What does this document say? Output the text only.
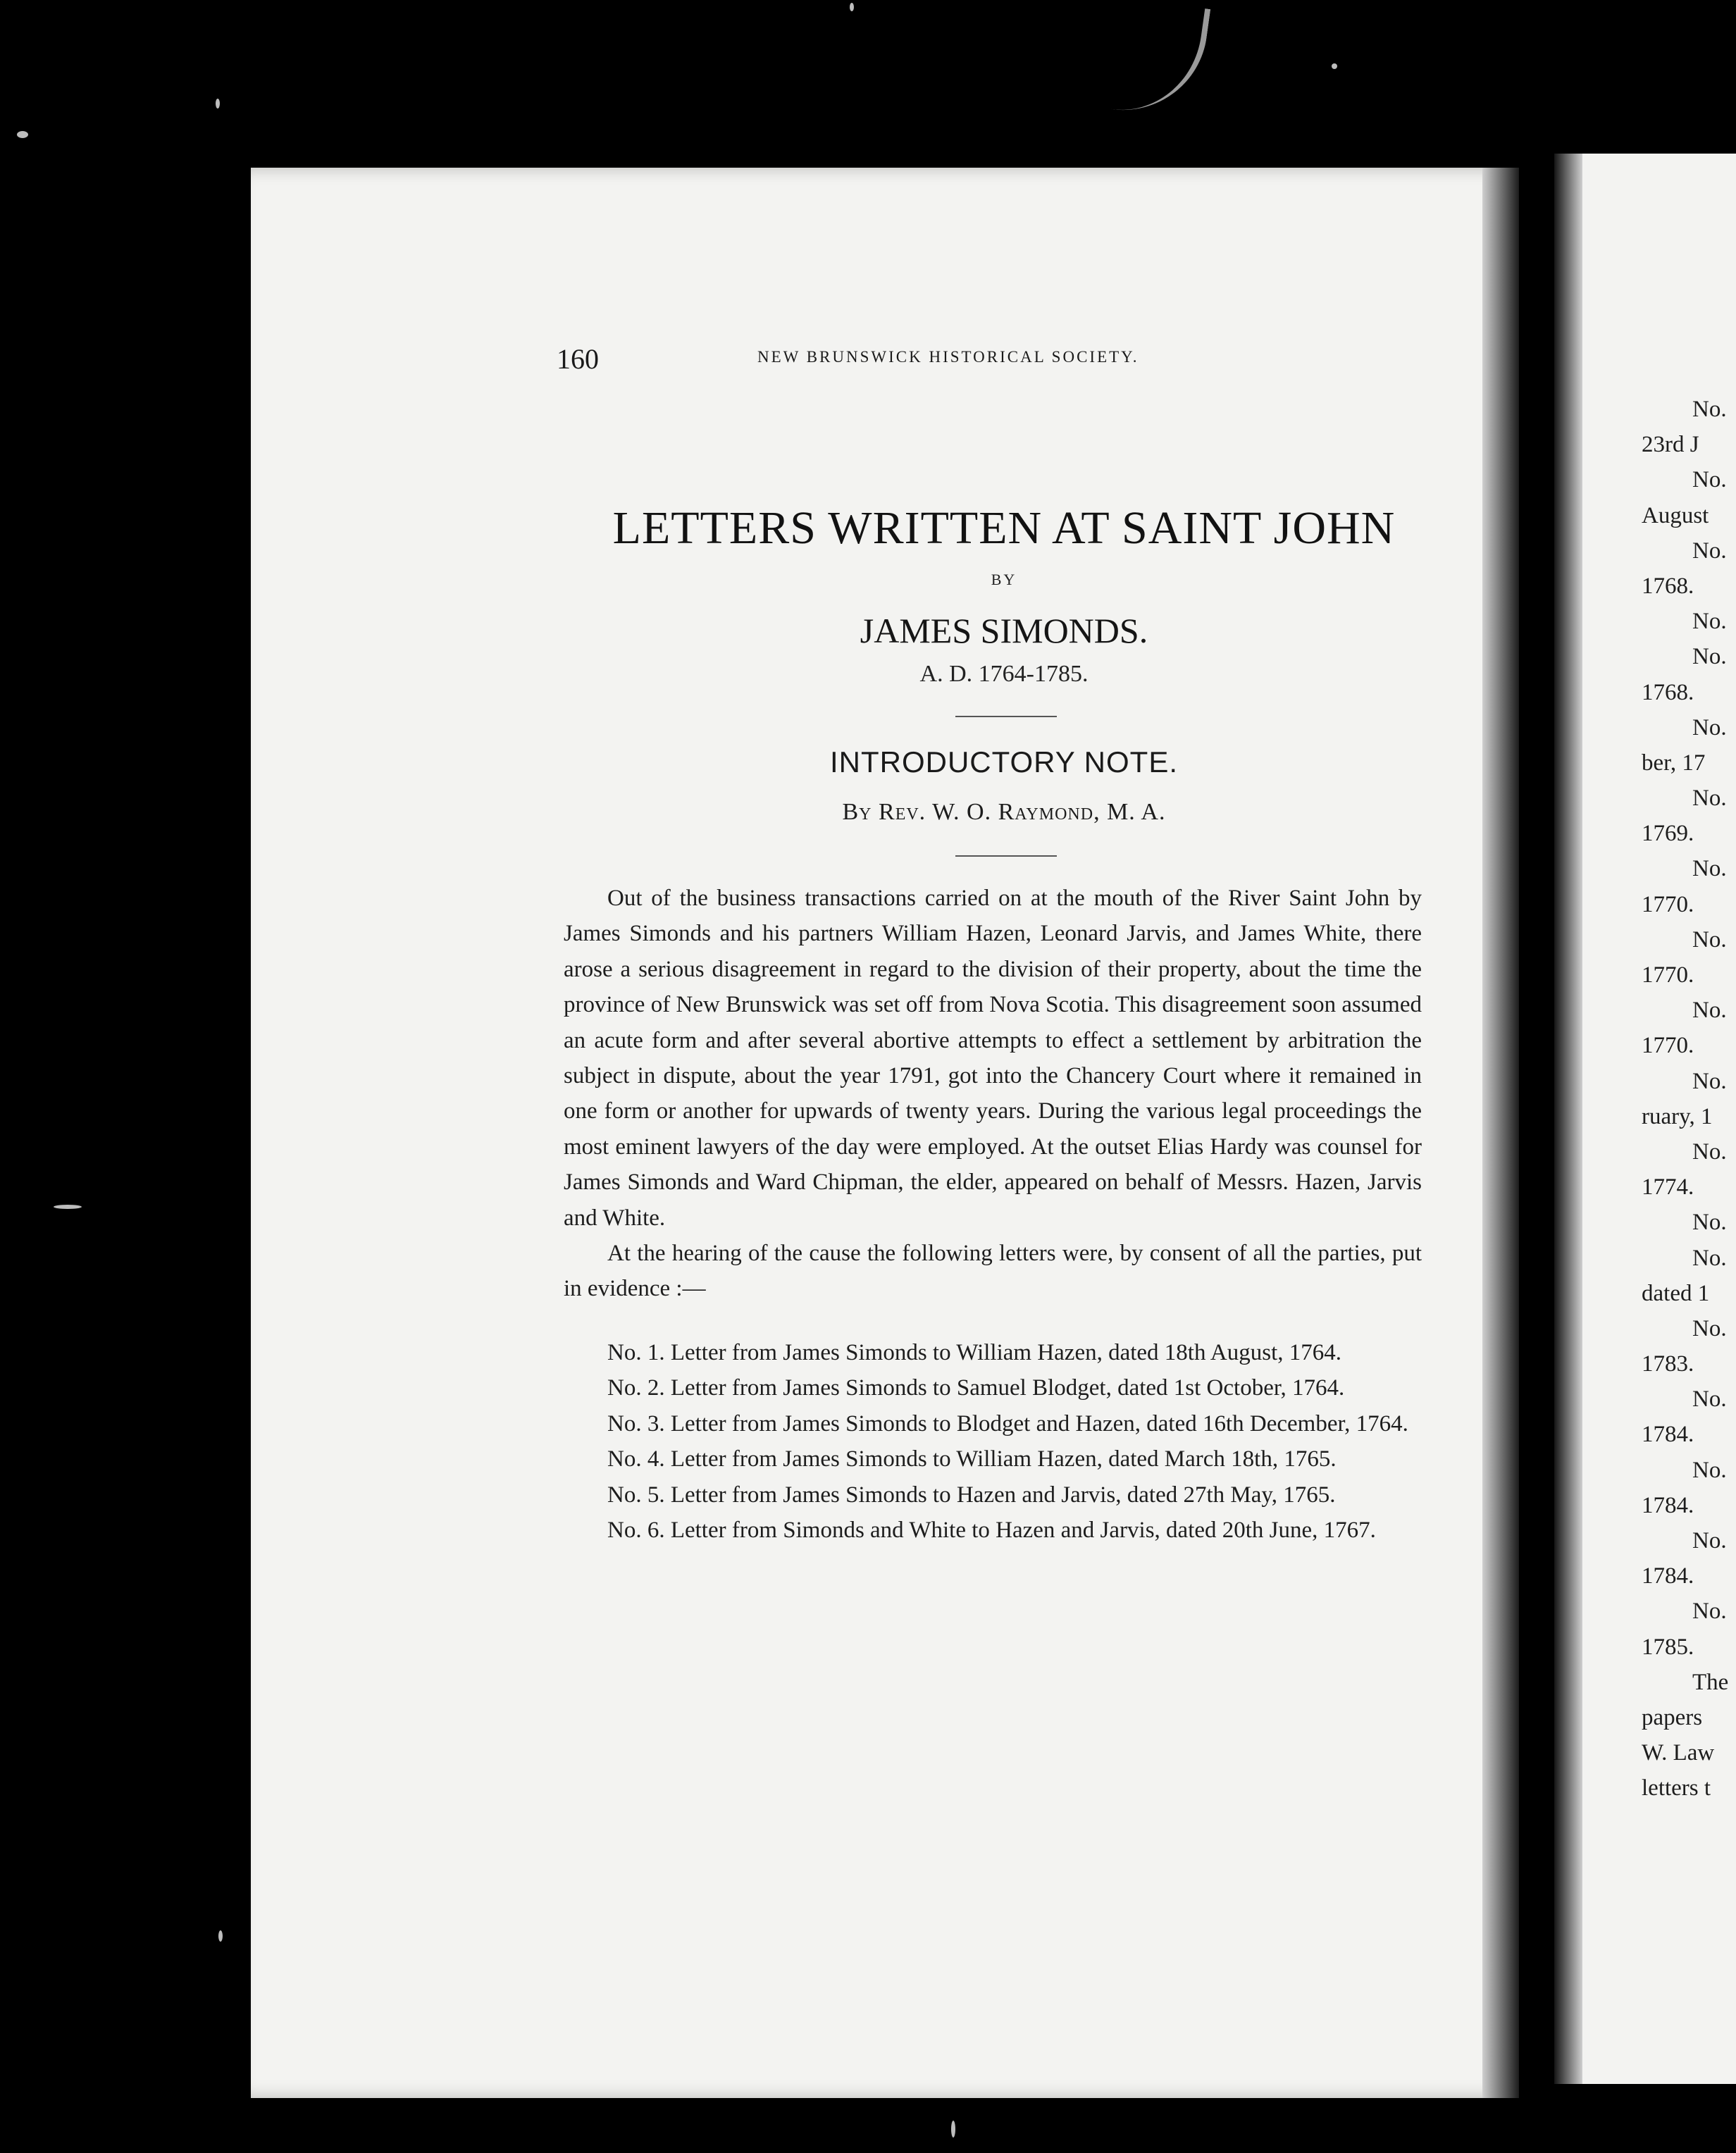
160	NEW BRUNSWICK HISTORICAL SOCIETY.
LETTERS WRITTEN AT SAINT JOHN
BY
JAMES SIMONDS.
A. D. 1764-1785.
INTRODUCTORY NOTE.
By Rev. W. O. Raymond, M. A.

Out of the business transactions carried on at the mouth of the River Saint John by James Simonds and his partners William Hazen, Leonard Jarvis, and James White, there arose a serious disagreement in regard to the division of their property, about the time the province of New Brunswick was set off from Nova Scotia. This disagreement soon assumed an acute form and after several abortive attempts to effect a settlement by arbitration the subject in dispute, about the year 1791, got into the Chancery Court where it remained in one form or another for upwards of twenty years. During the various legal proceedings the most eminent lawyers of the day were employed. At the outset Elias Hardy was counsel for James Simonds and Ward Chipman, the elder, appeared on behalf of Messrs. Hazen, Jarvis and White.

At the hearing of the cause the following letters were, by consent of all the parties, put in evidence :—

No. 1. Letter from James Simonds to William Hazen, dated 18th August, 1764.
No. 2. Letter from James Simonds to Samuel Blodget, dated 1st October, 1764.
No. 3. Letter from James Simonds to Blodget and Hazen, dated 16th December, 1764.
No. 4. Letter from James Simonds to William Hazen, dated March 18th, 1765.
No. 5. Letter from James Simonds to Hazen and Jarvis, dated 27th May, 1765.
No. 6. Letter from Simonds and White to Hazen and Jarvis, dated 20th June, 1767.
No.
23rd J
No.
August
No.
1768.
No.
No.
1768.
No.
ber, 17
No.
1769.
No.
1770.
No.
1770.
No.
1770.
No.
ruary, 1
No.
1774.
No.
No.
dated 1
No.
1783.
No.
1784.
No.
1784.
No.
1784.
No.
1785.
The
papers
W. Law
letters t
